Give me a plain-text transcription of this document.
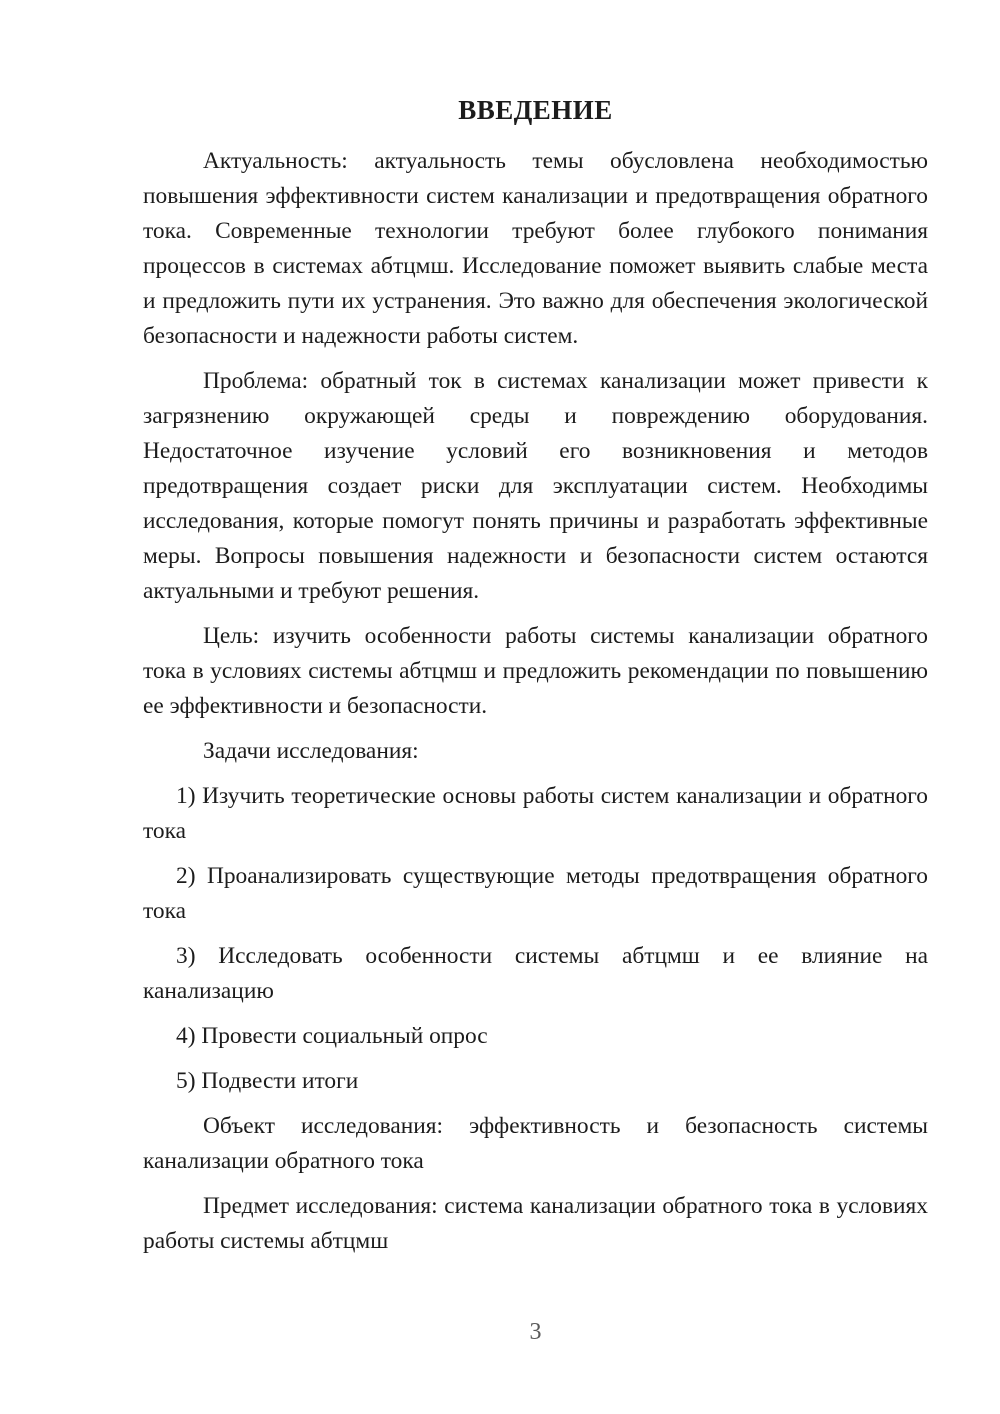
ВВЕДЕНИЕ

Актуальность: актуальность темы обусловлена необходимостью повышения эффективности систем канализации и предотвращения обратного тока. Современные технологии требуют более глубокого понимания процессов в системах абтцмш. Исследование поможет выявить слабые места и предложить пути их устранения. Это важно для обеспечения экологической безопасности и надежности работы систем.

Проблема: обратный ток в системах канализации может привести к загрязнению окружающей среды и повреждению оборудования. Недостаточное изучение условий его возникновения и методов предотвращения создает риски для эксплуатации систем. Необходимы исследования, которые помогут понять причины и разработать эффективные меры. Вопросы повышения надежности и безопасности систем остаются актуальными и требуют решения.

Цель: изучить особенности работы системы канализации обратного тока в условиях системы абтцмш и предложить рекомендации по повышению ее эффективности и безопасности.

Задачи исследования:

1) Изучить теоретические основы работы систем канализации и обратного тока

2) Проанализировать существующие методы предотвращения обратного тока

3) Исследовать особенности системы абтцмш и ее влияние на канализацию

4) Провести социальный опрос

5) Подвести итоги

Объект исследования: эффективность и безопасность системы канализации обратного тока

Предмет исследования: система канализации обратного тока в условиях работы системы абтцмш

3
